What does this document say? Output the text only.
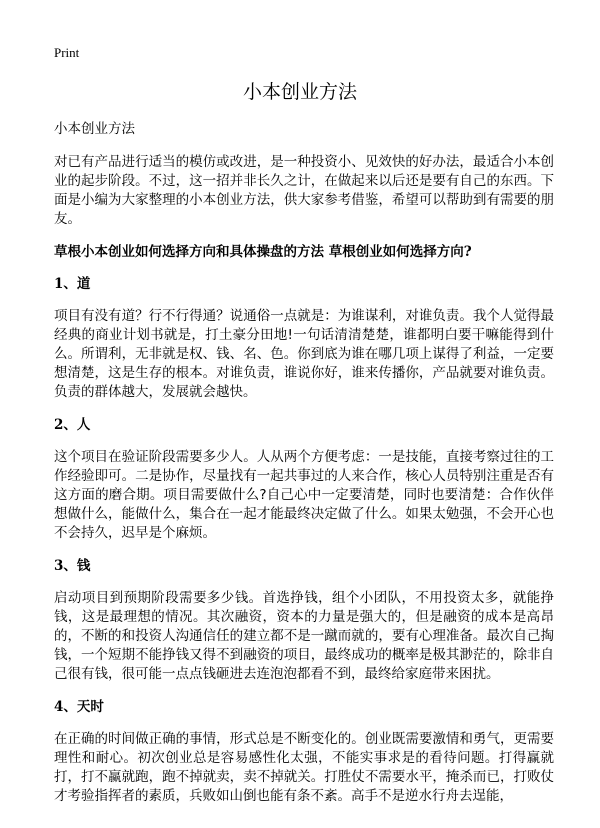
Print
小本创业方法

小本创业方法

对已有产品进行适当的模仿或改进，是一种投资小、见效快的好办法，最适合小本创业的起步阶段。不过，这一招并非长久之计，在做起来以后还是要有自己的东西。下面是小编为大家整理的小本创业方法，供大家参考借鉴，希望可以帮助到有需要的朋友。

草根小本创业如何选择方向和具体操盘的方法 草根创业如何选择方向?

1、道

项目有没有道？行不行得通？说通俗一点就是：为谁谋利，对谁负责。我个人觉得最经典的商业计划书就是，打土豪分田地!一句话清清楚楚，谁都明白要干嘛能得到什么。所谓利，无非就是权、钱、名、色。你到底为谁在哪几项上谋得了利益，一定要想清楚，这是生存的根本。对谁负责，谁说你好，谁来传播你，产品就要对谁负责。负责的群体越大，发展就会越快。

2、人

这个项目在验证阶段需要多少人。人从两个方便考虑：一是技能，直接考察过往的工作经验即可。二是协作，尽量找有一起共事过的人来合作，核心人员特别注重是否有这方面的磨合期。项目需要做什么?自己心中一定要清楚，同时也要清楚：合作伙伴想做什么，能做什么，集合在一起才能最终决定做了什么。如果太勉强，不会开心也不会持久，迟早是个麻烦。

3、钱

启动项目到预期阶段需要多少钱。首选挣钱，组个小团队，不用投资太多，就能挣钱，这是最理想的情况。其次融资，资本的力量是强大的，但是融资的成本是高昂的，不断的和投资人沟通信任的建立都不是一蹴而就的，要有心理准备。最次自己掏钱，一个短期不能挣钱又得不到融资的项目，最终成功的概率是极其渺茫的，除非自己很有钱，很可能一点点钱砸进去连泡泡都看不到，最终给家庭带来困扰。

4、天时

在正确的时间做正确的事情，形式总是不断变化的。创业既需要激情和勇气，更需要理性和耐心。初次创业总是容易感性化太强，不能实事求是的看待问题。打得赢就打，打不赢就跑，跑不掉就卖，卖不掉就关。打胜仗不需要水平，掩杀而已，打败仗才考验指挥者的素质，兵败如山倒也能有条不紊。高手不是逆水行舟去逞能，
